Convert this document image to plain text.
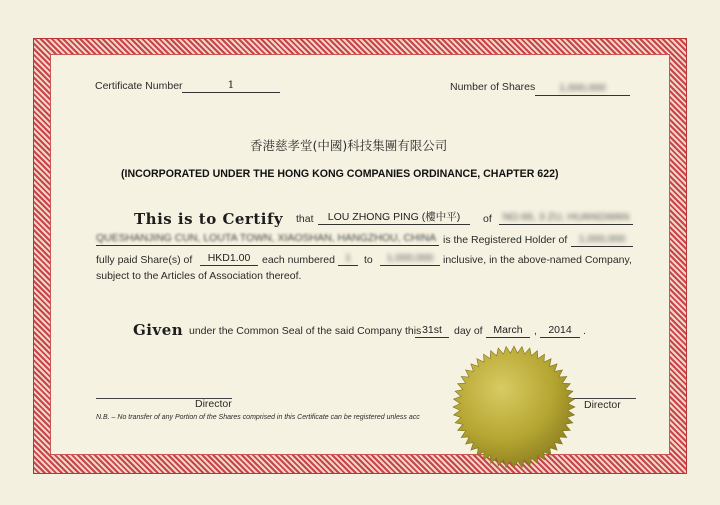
Certificate Number	1	Number of Shares	1,000,000
香港慈孝堂(中國)科技集團有限公司
(INCORPORATED UNDER THE HONG KONG COMPANIES ORDINANCE, CHAPTER 622)
This is to Certify that	LOU ZHONG PING (樓中平)	of	NO.66, 3 ZU, HUANGWAN
QUESHANJING CUN, LOUTA TOWN, XIAOSHAN, HANGZHOU, CHINA is the Registered Holder of	1,000,000
fully paid Share(s) of	HKD1.00	each numbered 1	to	1,000,000 inclusive, in the above-named Company,
subject to the Articles of Association thereof.
Given under the Common Seal of the said Company this 31st	day of	March	,	2014	.
Director	Director
N.B. – No transfer of any Portion of the Shares comprised in this Certificate can be registered unless acc
